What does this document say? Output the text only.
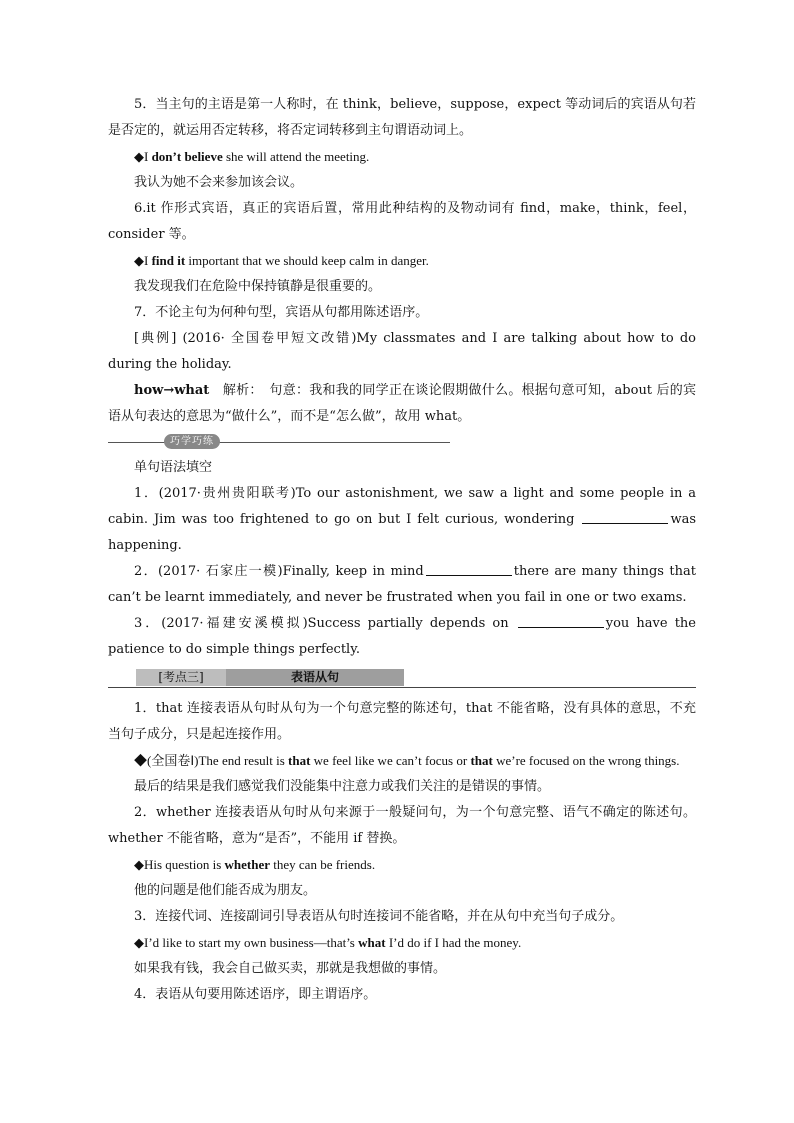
5．当主句的主语是第一人称时，在 think，believe，suppose，expect 等动词后的宾语从句若是否定的，就运用否定转移，将否定词转移到主句谓语动词上。

◆I don’t believe she will attend the meeting.

我认为她不会来参加该会议。

6.it 作形式宾语，真正的宾语后置，常用此种结构的及物动词有 find，make，think，feel，consider 等。

◆I find it important that we should keep calm in danger.

我发现我们在危险中保持镇静是很重要的。

7．不论主句为何种句型，宾语从句都用陈述语序。

[典例] (2016· 全国卷甲短文改错)My classmates and I are talking about how to do during the holiday.

how→what　解析：　句意：我和我的同学正在谈论假期做什么。根据句意可知，about 后的宾语从句表达的意思为“做什么”，而不是“怎么做”，故用 what。

巧学巧练

单句语法填空

1．(2017·贵州贵阳联考)To our astonishment, we saw a light and some people in a cabin. Jim was too frightened to go on but I felt curious, wondering	was happening.

2．(2017· 石家庄一模)Finally, keep in mind	there are many things that can’t be learnt immediately, and never be frustrated when you fail in one or two exams.

3．(2017·福建安溪模拟)Success partially depends on	you have the patience to do simple things perfectly.

[考点三]	表语从句

1．that 连接表语从句时从句为一个句意完整的陈述句，that 不能省略，没有具体的意思，不充当句子成分，只是起连接作用。

◆(全国卷Ⅰ)The end result is that we feel like we can’t focus or that we’re focused on the wrong things.

最后的结果是我们感觉我们没能集中注意力或我们关注的是错误的事情。

2．whether 连接表语从句时从句来源于一般疑问句，为一个句意完整、语气不确定的陈述句。whether 不能省略，意为“是否”，不能用 if 替换。

◆His question is whether they can be friends.

他的问题是他们能否成为朋友。

3．连接代词、连接副词引导表语从句时连接词不能省略，并在从句中充当句子成分。

◆I’d like to start my own business—that’s what I’d do if I had the money.

如果我有钱，我会自己做买卖，那就是我想做的事情。

4．表语从句要用陈述语序，即主谓语序。
